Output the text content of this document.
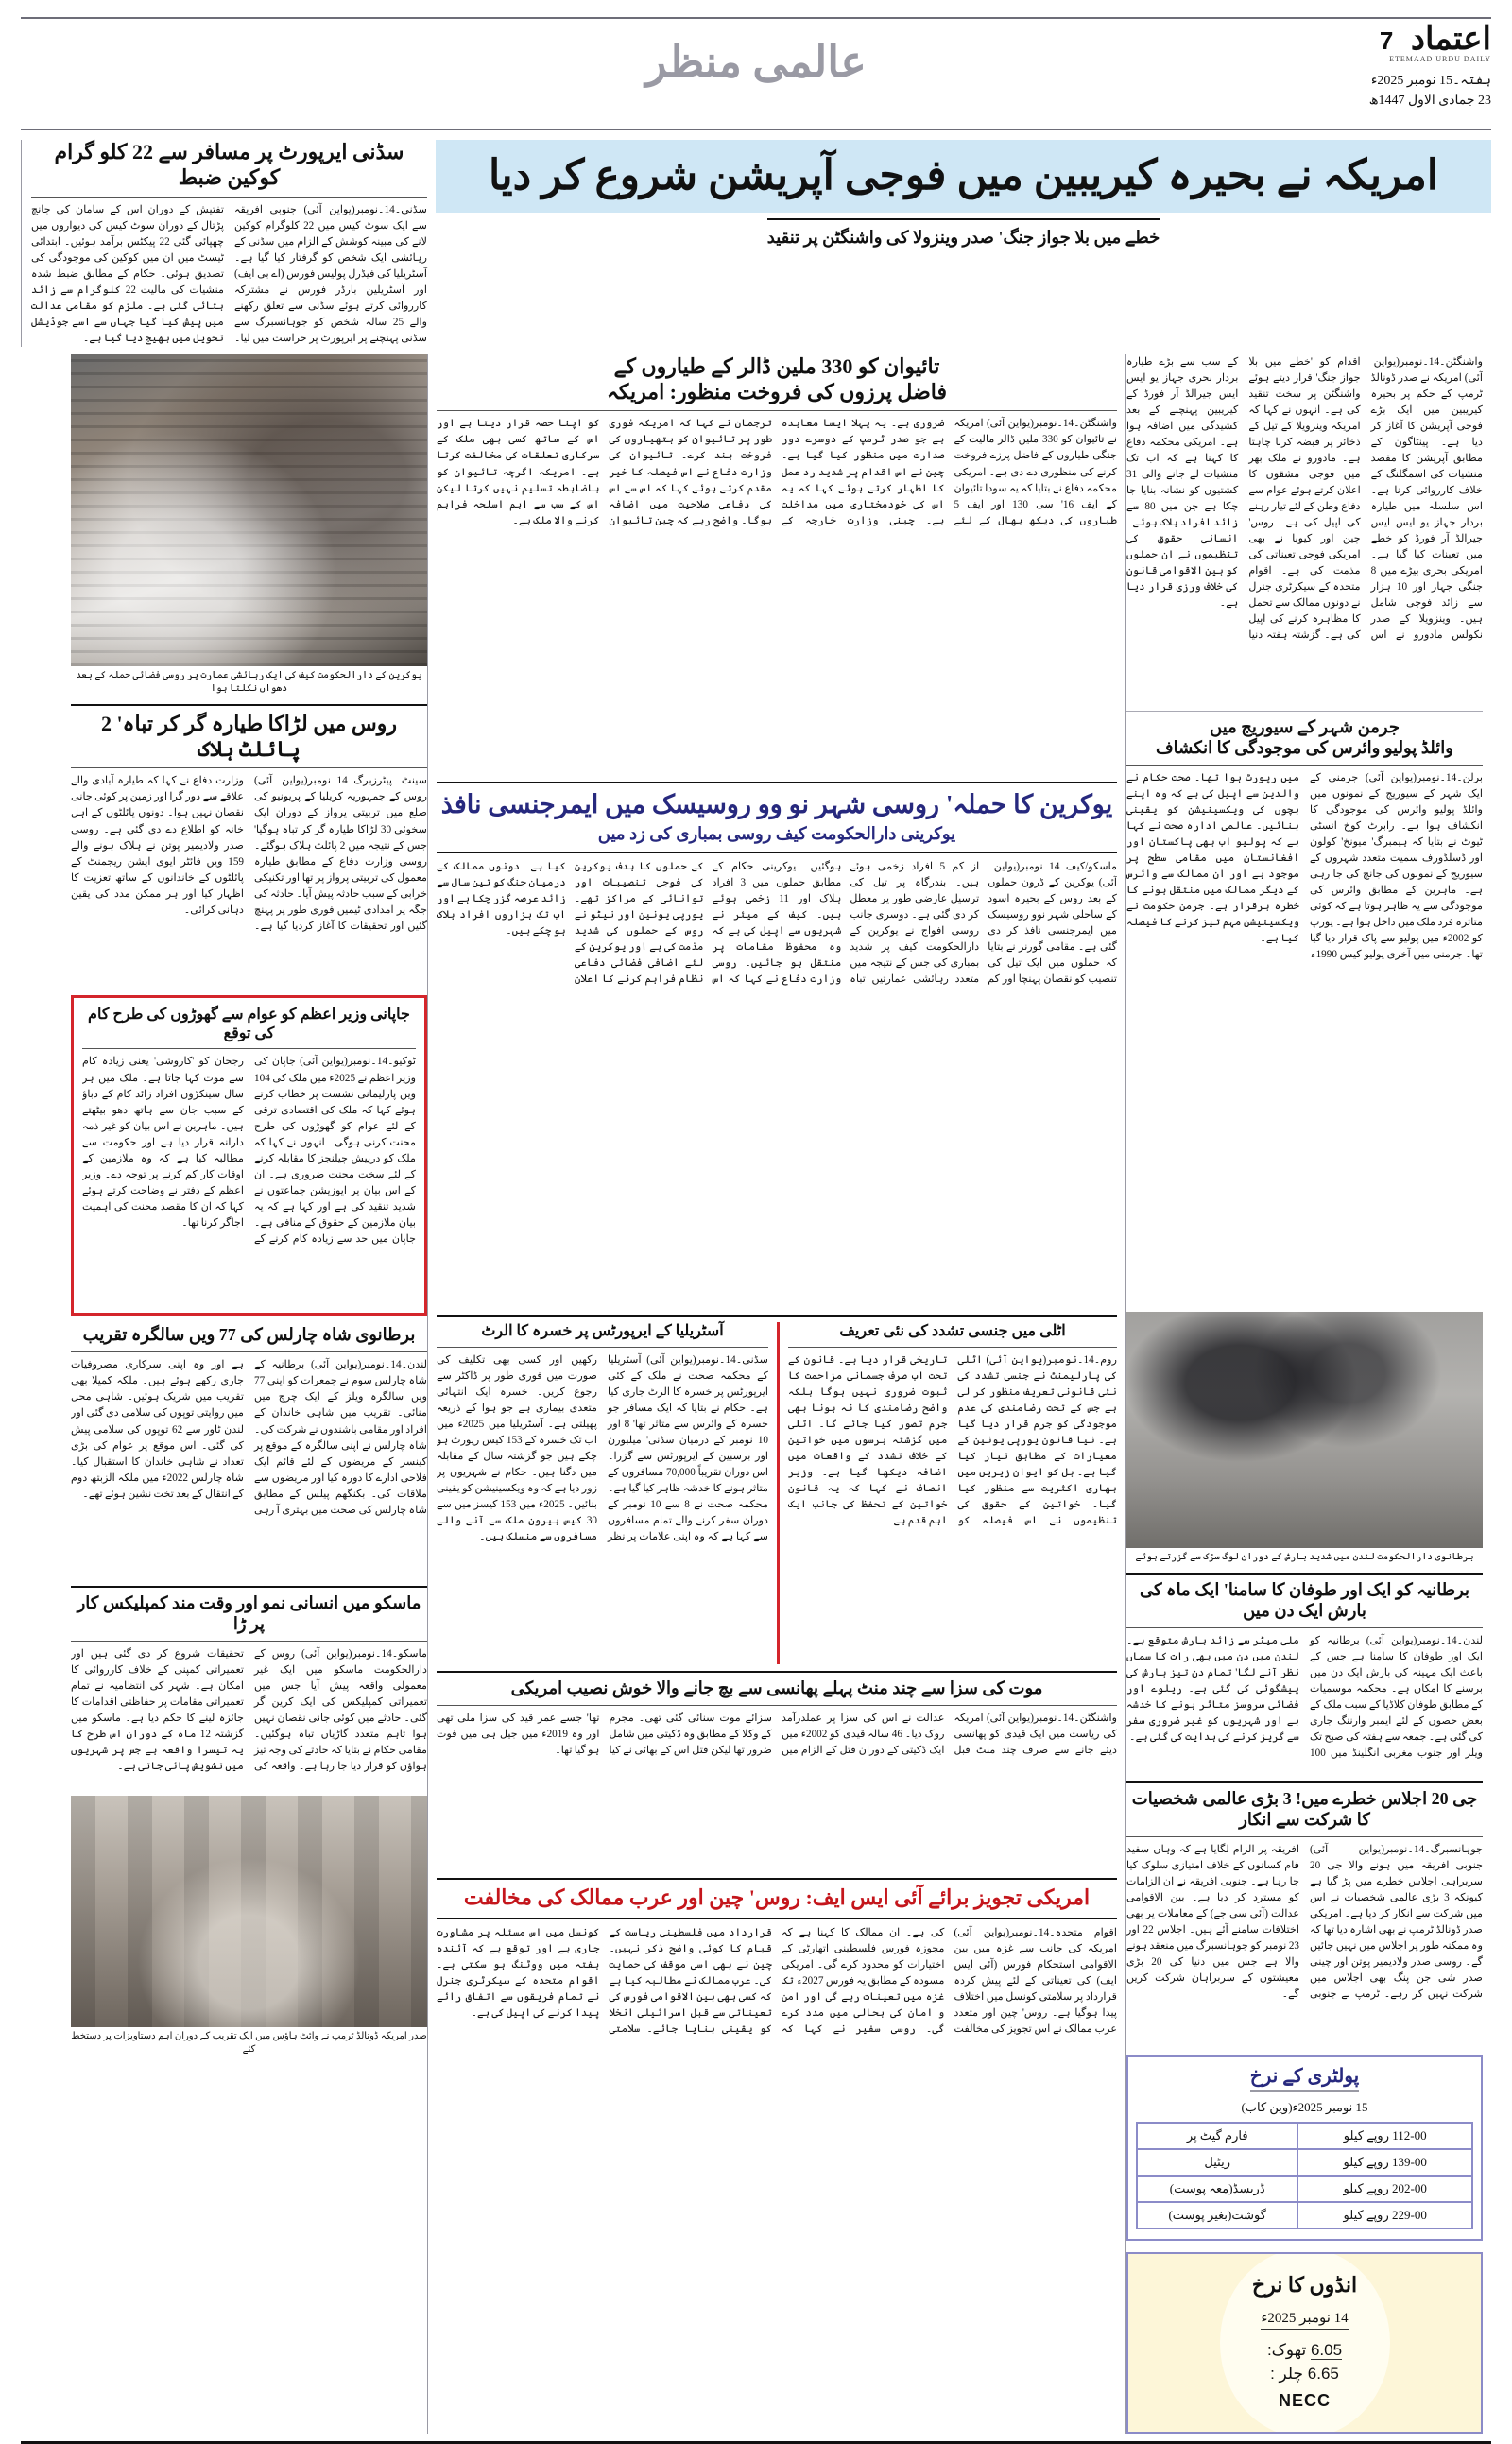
اعتماد 7
ETEMAAD URDU DAILY
ہفتہ۔15 نومبر 2025ء
23 جمادی الاول 1447ھ
عالمی منظر
امریکہ نے بحیرہ کیریبین میں فوجی آپریشن شروع کر دیا
خطے میں بلا جواز جنگ' صدر وینزولا کی واشنگٹن پر تنقید
سڈنی ایرپورٹ پر مسافر سے 22 کلو گرام کوکین ضبط
سڈنی۔14۔نومبر(یواین آئی) جنوبی افریقہ سے ایک سوٹ کیس میں 22 کلوگرام کوکین لانے کی مبینہ کوشش کے الزام میں سڈنی کے رہائشی ایک شخص کو گرفتار کیا گیا ہے۔آسٹریلیا کی فیڈرل پولیس فورس (اے بی ایف) اور آسٹریلین بارڈر فورس نے مشترکہ کارروائی کرتے ہوئے سڈنی سے تعلق رکھنے والے 25 سالہ شخص کو جوہانسبرگ سے سڈنی پہنچنے پر ایرپورٹ پر حراست میں لیا۔ تفتیش کے دوران اس کے سامان کی جانچ پڑتال کے دوران سوٹ کیس کی دیواروں میں چھپائی گئی 22 پیکٹس برآمد ہوئیں۔ ابتدائی ٹیسٹ میں ان میں کوکین کی موجودگی کی تصدیق ہوئی۔ حکام کے مطابق ضبط شدہ منشیات کی مالیت 22 کلوگرام سے زائد بتائی گئی ہے۔ ملزم کو مقامی عدالت میں پیش کیا گیا جہاں سے اسے جوڈیشل تحویل میں بھیج دیا گیا ہے۔
واشنگٹن۔14۔نومبر(یواین آئی) امریکہ نے صدر ڈونالڈ ٹرمپ کے حکم پر بحیرہ کیریبین میں ایک بڑے فوجی آپریشن کا آغاز کر دیا ہے۔ پینٹاگون کے مطابق آپریشن کا مقصد منشیات کی اسمگلنگ کے خلاف کارروائی کرنا ہے۔ اس سلسلہ میں طیارہ بردار جہاز یو ایس ایس جیرالڈ آر فورڈ کو خطے میں تعینات کیا گیا ہے۔ امریکی بحری بیڑے میں 8 جنگی جہاز اور 10 ہزار سے زائد فوجی شامل ہیں۔ وینزویلا کے صدر نکولس مادورو نے اس اقدام کو 'خطے میں بلا جواز جنگ' قرار دیتے ہوئے واشنگٹن پر سخت تنقید کی ہے۔ انہوں نے کہا کہ امریکہ وینزویلا کے تیل کے ذخائر پر قبضہ کرنا چاہتا ہے۔ مادورو نے ملک بھر میں فوجی مشقوں کا اعلان کرتے ہوئے عوام سے دفاع وطن کے لئے تیار رہنے کی اپیل کی ہے۔ روس' چین اور کیوبا نے بھی امریکی فوجی تعیناتی کی مذمت کی ہے۔ اقوام متحدہ کے سیکرٹری جنرل نے دونوں ممالک سے تحمل کا مظاہرہ کرنے کی اپیل کی ہے۔ گزشتہ ہفتہ دنیا کے سب سے بڑے طیارہ بردار بحری جہاز یو ایس ایس جیرالڈ آر فورڈ کے کیریبین پہنچنے کے بعد کشیدگی میں اضافہ ہوا ہے۔ امریکی محکمہ دفاع کا کہنا ہے کہ اب تک منشیات لے جانے والی 31 کشتیوں کو نشانہ بنایا جا چکا ہے جن میں 80 سے زائد افراد ہلاک ہوئے۔ انسانی حقوق کی تنظیموں نے ان حملوں کو بین الاقوامی قانون کی خلاف ورزی قرار دیا ہے۔
جرمن شہر کے سیوریج میں
وائلڈ پولیو وائرس کی موجودگی کا انکشاف
برلن۔14۔نومبر(یواین آئی) جرمنی کے ایک شہر کے سیوریج کے نمونوں میں وائلڈ پولیو وائرس کی موجودگی کا انکشاف ہوا ہے۔ رابرٹ کوخ انسٹی ٹیوٹ نے بتایا کہ ہیمبرگ' میونخ' کولون اور ڈسلڈورف سمیت متعدد شہروں کے سیوریج کے نمونوں کی جانچ کی جا رہی ہے۔ ماہرین کے مطابق وائرس کی موجودگی سے یہ ظاہر ہوتا ہے کہ کوئی متاثرہ فرد ملک میں داخل ہوا ہے۔ یورپ کو 2002ء میں پولیو سے پاک قرار دیا گیا تھا۔ جرمنی میں آخری پولیو کیس 1990ء میں رپورٹ ہوا تھا۔ صحت حکام نے والدین سے اپیل کی ہے کہ وہ اپنے بچوں کی ویکسینیشن کو یقینی بنائیں۔ عالمی ادارہ صحت نے کہا ہے کہ پولیو اب بھی پاکستان اور افغانستان میں مقامی سطح پر موجود ہے اور ان ممالک سے وائرس کے دیگر ممالک میں منتقل ہونے کا خطرہ برقرار ہے۔ جرمن حکومت نے ویکسینیشن مہم تیز کرنے کا فیصلہ کیا ہے۔
برطانوی دارالحکومت لندن میں شدید بارش کے دوران لوگ سڑک سے گزرتے ہوئے
برطانیہ کو ایک اور طوفان کا سامنا' ایک ماہ کی بارش ایک دن میں
لندن۔14۔نومبر(یواین آئی) برطانیہ کو ایک اور طوفان کا سامنا ہے جس کے باعث ایک مہینہ کی بارش ایک دن میں برسنے کا امکان ہے۔ محکمہ موسمیات کے مطابق طوفان کلاڈیا کے سبب ملک کے بعض حصوں کے لئے ایمبر وارننگ جاری کی گئی ہے۔ جمعہ سے ہفتہ کی صبح تک ویلز اور جنوب مغربی انگلینڈ میں 100 ملی میٹر سے زائد بارش متوقع ہے۔ لندن میں دن میں بھی رات کا سماں نظر آنے لگا' تمام دن تیز بارش کی پیشگوئی کی گئی ہے۔ ریلوے اور فضائی سروسز متاثر ہونے کا خدشہ ہے اور شہریوں کو غیر ضروری سفر سے گریز کرنے کی ہدایت کی گئی ہے۔
جی 20 اجلاس خطرے میں! 3 بڑی عالمی شخصیات کا شرکت سے انکار
جوہانسبرگ۔14۔نومبر(یواین آئی) جنوبی افریقہ میں ہونے والا جی 20 سربراہی اجلاس خطرے میں پڑ گیا ہے کیونکہ 3 بڑی عالمی شخصیات نے اس میں شرکت سے انکار کر دیا ہے۔ امریکی صدر ڈونالڈ ٹرمپ نے بھی اشارہ دیا تھا کہ وہ ممکنہ طور پر اجلاس میں نہیں جائیں گے۔ روسی صدر ولادیمیر پوتن اور چینی صدر شی جن پنگ بھی اجلاس میں شرکت نہیں کر رہے۔ ٹرمپ نے جنوبی افریقہ پر الزام لگایا ہے کہ وہاں سفید فام کسانوں کے خلاف امتیازی سلوک کیا جا رہا ہے۔ جنوبی افریقہ نے ان الزامات کو مسترد کر دیا ہے۔ بین الاقوامی عدالت (آئی سی جے) کے معاملات پر بھی اختلافات سامنے آئے ہیں۔ اجلاس 22 اور 23 نومبر کو جوہانسبرگ میں منعقد ہونے والا ہے جس میں دنیا کی 20 بڑی معیشتوں کے سربراہان شرکت کریں گے۔
پولٹری کے نرخ
15 نومبر 2025ء(وین کاب)
112-00 روپے کیلو	فارم گیٹ پر
139-00 روپے کیلو	ریٹیل
202-00 روپے کیلو	ڈریسڈ(معہ پوست)
229-00 روپے کیلو	گوشت(بغیر پوست)
انڈوں کا نرخ
14 نومبر 2025ء
6.05 تھوک:
6.65 چلر :
NECC
تائیوان کو 330 ملین ڈالر کے طیاروں کے
فاضل پرزوں کی فروخت منظور: امریکہ
واشنگٹن۔14۔نومبر(یواین آئی) امریکہ نے تائیوان کو 330 ملین ڈالر مالیت کے جنگی طیاروں کے فاضل پرزے فروخت کرنے کی منظوری دے دی ہے۔ امریکی محکمہ دفاع نے بتایا کہ یہ سودا تائیوان کے ایف 16' سی 130 اور ایف 5 طیاروں کی دیکھ بھال کے لئے ضروری ہے۔ یہ پہلا ایسا معاہدہ ہے جو صدر ٹرمپ کے دوسرے دور صدارت میں منظور کیا گیا ہے۔ چین نے اس اقدام پر شدید رد عمل کا اظہار کرتے ہوئے کہا کہ یہ اس کی خودمختاری میں مداخلت ہے۔ چینی وزارت خارجہ کے ترجمان نے کہا کہ امریکہ فوری طور پر تائیوان کو ہتھیاروں کی فروخت بند کرے۔ تائیوان کی وزارت دفاع نے اس فیصلہ کا خیر مقدم کرتے ہوئے کہا کہ اس سے اس کی دفاعی صلاحیت میں اضافہ ہوگا۔ واضح رہے کہ چین تائیوان کو اپنا حصہ قرار دیتا ہے اور اس کے ساتھ کسی بھی ملک کے سرکاری تعلقات کی مخالفت کرتا ہے۔ امریکہ اگرچہ تائیوان کو باضابطہ تسلیم نہیں کرتا لیکن اس کے سب سے اہم اسلحہ فراہم کرنے والا ملک ہے۔
یوکرین کا حملہ' روسی شہر نو وو روسیسک میں ایمرجنسی نافذ
یوکرینی دارالحکومت کیف روسی بمباری کی زد میں
ماسکو/کیف۔14۔نومبر(یواین آئی) یوکرین کے ڈرون حملوں کے بعد روس کے بحیرہ اسود کے ساحلی شہر نوو روسیسک میں ایمرجنسی نافذ کر دی گئی ہے۔ مقامی گورنر نے بتایا کہ حملوں میں ایک تیل کی تنصیب کو نقصان پہنچا اور کم از کم 5 افراد زخمی ہوئے ہیں۔ بندرگاہ پر تیل کی ترسیل عارضی طور پر معطل کر دی گئی ہے۔ دوسری جانب روسی افواج نے یوکرین کے دارالحکومت کیف پر شدید بمباری کی جس کے نتیجہ میں متعدد رہائشی عمارتیں تباہ ہوگئیں۔ یوکرینی حکام کے مطابق حملوں میں 3 افراد ہلاک اور 11 زخمی ہوئے ہیں۔ کیف کے میئر نے شہریوں سے اپیل کی ہے کہ وہ محفوظ مقامات پر منتقل ہو جائیں۔ روسی وزارت دفاع نے کہا کہ اس کے حملوں کا ہدف یوکرین کی فوجی تنصیبات اور توانائی کے مراکز تھے۔ یورپی یونین اور نیٹو نے روس کے حملوں کی شدید مذمت کی ہے اور یوکرین کے لئے اضافی فضائی دفاعی نظام فراہم کرنے کا اعلان کیا ہے۔ دونوں ممالک کے درمیان جنگ کو تین سال سے زائد عرصہ گزر چکا ہے اور اب تک ہزاروں افراد ہلاک ہو چکے ہیں۔
اٹلی میں جنسی تشدد کی نئی تعریف
روم۔14۔نومبر(یواین آئی) اٹلی کی پارلیمنٹ نے جنسی تشدد کی نئی قانونی تعریف منظور کر لی ہے جس کے تحت رضامندی کی عدم موجودگی کو جرم قرار دیا گیا ہے۔ نیا قانون یورپی یونین کے معیارات کے مطابق تیار کیا گیا ہے۔ بل کو ایوان زیریں میں بھاری اکثریت سے منظور کیا گیا۔ خواتین کے حقوق کی تنظیموں نے اس فیصلہ کو تاریخی قرار دیا ہے۔ قانون کے تحت اب صرف جسمانی مزاحمت کا ثبوت ضروری نہیں ہوگا بلکہ واضح رضامندی کا نہ ہونا بھی جرم تصور کیا جائے گا۔ اٹلی میں گزشتہ برسوں میں خواتین کے خلاف تشدد کے واقعات میں اضافہ دیکھا گیا ہے۔ وزیر انصاف نے کہا کہ یہ قانون خواتین کے تحفظ کی جانب ایک اہم قدم ہے۔
آسٹریلیا کے ایرپورٹس پر خسرہ کا الرٹ
سڈنی۔14۔نومبر(یواین آئی) آسٹریلیا کے محکمہ صحت نے ملک کے کئی ایرپورٹس پر خسرہ کا الرٹ جاری کیا ہے۔ حکام نے بتایا کہ ایک مسافر جو خسرہ کے وائرس سے متاثر تھا' 8 اور 10 نومبر کے درمیان سڈنی' میلبورن اور برسبین کے ایرپورٹس سے گزرا۔ اس دوران تقریباً 70,000 مسافروں کے متاثر ہونے کا خدشہ ظاہر کیا گیا ہے۔ محکمہ صحت نے 8 سے 10 نومبر کے دوران سفر کرنے والے تمام مسافروں سے کہا ہے کہ وہ اپنی علامات پر نظر رکھیں اور کسی بھی تکلیف کی صورت میں فوری طور پر ڈاکٹر سے رجوع کریں۔ خسرہ ایک انتہائی متعدی بیماری ہے جو ہوا کے ذریعہ پھیلتی ہے۔ آسٹریلیا میں 2025ء میں اب تک خسرہ کے 153 کیس رپورٹ ہو چکے ہیں جو گزشتہ سال کے مقابلہ میں دگنا ہیں۔ حکام نے شہریوں پر زور دیا ہے کہ وہ ویکسینیشن کو یقینی بنائیں۔ 2025ء میں 153 کیسز میں سے 30 کیس بیرون ملک سے آنے والے مسافروں سے منسلک ہیں۔
موت کی سزا سے چند منٹ پہلے پھانسی سے بچ جانے والا خوش نصیب امریکی
واشنگٹن۔14۔نومبر(یواین آئی) امریکہ کی ریاست میں ایک قیدی کو پھانسی دیئے جانے سے صرف چند منٹ قبل عدالت نے اس کی سزا پر عملدرآمد روک دیا۔ 46 سالہ قیدی کو 2002ء میں ایک ڈکیتی کے دوران قتل کے الزام میں سزائے موت سنائی گئی تھی۔ مجرم کے وکلا کے مطابق وہ ڈکیتی میں شامل ضرور تھا لیکن قتل اس کے بھائی نے کیا تھا' جسے عمر قید کی سزا ملی تھی اور وہ 2019ء میں جیل ہی میں فوت ہو گیا تھا۔
امریکی تجویز برائے آئی ایس ایف: روس' چین اور عرب ممالک کی مخالفت
اقوام متحدہ۔14۔نومبر(یواین آئی) امریکہ کی جانب سے غزہ میں بین الاقوامی استحکام فورس (آئی ایس ایف) کی تعیناتی کے لئے پیش کردہ قرارداد پر سلامتی کونسل میں اختلاف پیدا ہوگیا ہے۔ روس' چین اور متعدد عرب ممالک نے اس تجویز کی مخالفت کی ہے۔ ان ممالک کا کہنا ہے کہ مجوزہ فورس فلسطینی اتھارٹی کے اختیارات کو محدود کرے گی۔ امریکی مسودہ کے مطابق یہ فورس 2027ء تک غزہ میں تعینات رہے گی اور امن و امان کی بحالی میں مدد کرے گی۔ روسی سفیر نے کہا کہ قرارداد میں فلسطینی ریاست کے قیام کا کوئی واضح ذکر نہیں۔ چین نے بھی اسی موقف کی حمایت کی۔ عرب ممالک نے مطالبہ کیا ہے کہ کسی بھی بین الاقوامی فورس کی تعیناتی سے قبل اسرائیلی انخلا کو یقینی بنایا جائے۔ سلامتی کونسل میں اس مسئلہ پر مشاورت جاری ہے اور توقع ہے کہ آئندہ ہفتہ میں ووٹنگ ہو سکتی ہے۔ اقوام متحدہ کے سیکرٹری جنرل نے تمام فریقوں سے اتفاق رائے پیدا کرنے کی اپیل کی ہے۔
یوکرین کے دارالحکومت کیف کی ایک رہائشی عمارت پر روسی فضائی حملہ کے بعد دھواں نکلتا ہوا
روس میں لڑاکا طیارہ گر کر تباہ' 2 پائلٹ ہلاک
سینٹ پیٹرزبرگ۔14۔نومبر(یواین آئی) روس کے جمہوریہ کریلیا کے پریونیو کی ضلع میں تربیتی پرواز کے دوران ایک سخوئی 30 لڑاکا طیارہ گر کر تباہ ہوگیا' جس کے نتیجہ میں 2 پائلٹ ہلاک ہوگئے۔ روسی وزارت دفاع کے مطابق طیارہ معمول کی تربیتی پرواز پر تھا اور تکنیکی خرابی کے سبب حادثہ پیش آیا۔ حادثہ کی جگہ پر امدادی ٹیمیں فوری طور پر پہنچ گئیں اور تحقیقات کا آغاز کردیا گیا ہے۔ وزارت دفاع نے کہا کہ طیارہ آبادی والے علاقے سے دور گرا اور زمین پر کوئی جانی نقصان نہیں ہوا۔ دونوں پائلٹوں کے اہل خانہ کو اطلاع دے دی گئی ہے۔ روسی صدر ولادیمیر پوتن نے ہلاک ہونے والے 159 ویں فائٹر ایوی ایشن ریجمنٹ کے پائلٹوں کے خاندانوں کے ساتھ تعزیت کا اظہار کیا اور ہر ممکن مدد کی یقین دہانی کرائی۔
جاپانی وزیر اعظم کو عوام سے گھوڑوں کی طرح کام کی توقع
ٹوکیو۔14۔نومبر(یواین آئی) جاپان کی وزیر اعظم نے 2025ء میں ملک کی 104 ویں پارلیمانی نشست پر خطاب کرتے ہوئے کہا کہ ملک کی اقتصادی ترقی کے لئے عوام کو گھوڑوں کی طرح محنت کرنی ہوگی۔ انہوں نے کہا کہ ملک کو درپیش چیلنجز کا مقابلہ کرنے کے لئے سخت محنت ضروری ہے۔ ان کے اس بیان پر اپوزیشن جماعتوں نے شدید تنقید کی ہے اور کہا ہے کہ یہ بیان ملازمین کے حقوق کے منافی ہے۔ جاپان میں حد سے زیادہ کام کرنے کے رجحان کو 'کاروشی' یعنی زیادہ کام سے موت کہا جاتا ہے۔ ملک میں ہر سال سینکڑوں افراد زائد کام کے دباؤ کے سبب جان سے ہاتھ دھو بیٹھتے ہیں۔ ماہرین نے اس بیان کو غیر ذمہ دارانہ قرار دیا ہے اور حکومت سے مطالبہ کیا ہے کہ وہ ملازمین کے اوقات کار کم کرنے پر توجہ دے۔ وزیر اعظم کے دفتر نے وضاحت کرتے ہوئے کہا کہ ان کا مقصد محنت کی اہمیت اجاگر کرنا تھا۔
برطانوی شاہ چارلس کی 77 ویں سالگرہ تقریب
لندن۔14۔نومبر(یواین آئی) برطانیہ کے شاہ چارلس سوم نے جمعرات کو اپنی 77 ویں سالگرہ ویلز کے ایک چرچ میں منائی۔ تقریب میں شاہی خاندان کے افراد اور مقامی باشندوں نے شرکت کی۔ شاہ چارلس نے اپنی سالگرہ کے موقع پر کینسر کے مریضوں کے لئے قائم ایک فلاحی ادارے کا دورہ کیا اور مریضوں سے ملاقات کی۔ بکنگھم پیلس کے مطابق شاہ چارلس کی صحت میں بہتری آ رہی ہے اور وہ اپنی سرکاری مصروفیات جاری رکھے ہوئے ہیں۔ ملکہ کمیلا بھی تقریب میں شریک ہوئیں۔ شاہی محل میں روایتی توپوں کی سلامی دی گئی اور لندن ٹاور سے 62 توپوں کی سلامی پیش کی گئی۔ اس موقع پر عوام کی بڑی تعداد نے شاہی خاندان کا استقبال کیا۔ شاہ چارلس 2022ء میں ملکہ الزبتھ دوم کے انتقال کے بعد تخت نشین ہوئے تھے۔
ماسکو میں انسانی نمو اور وقت مند کمپلیکس کار پر ڑا
ماسکو۔14۔نومبر(یواین آئی) روس کے دارالحکومت ماسکو میں ایک غیر معمولی واقعہ پیش آیا جس میں تعمیراتی کمپلیکس کی ایک کرین گر گئی۔ حادثے میں کوئی جانی نقصان نہیں ہوا تاہم متعدد گاڑیاں تباہ ہوگئیں۔ مقامی حکام نے بتایا کہ حادثے کی وجہ تیز ہواؤں کو قرار دیا جا رہا ہے۔ واقعہ کی تحقیقات شروع کر دی گئی ہیں اور تعمیراتی کمپنی کے خلاف کارروائی کا امکان ہے۔ شہر کی انتظامیہ نے تمام تعمیراتی مقامات پر حفاظتی اقدامات کا جائزہ لینے کا حکم دیا ہے۔ ماسکو میں گزشتہ 12 ماہ کے دوران اس طرح کا یہ تیسرا واقعہ ہے جس پر شہریوں میں تشویش پائی جاتی ہے۔
صدر امریکہ ڈونالڈ ٹرمپ نے وائٹ ہاؤس میں ایک تقریب کے دوران اہم دستاویزات پر دستخط کئے
